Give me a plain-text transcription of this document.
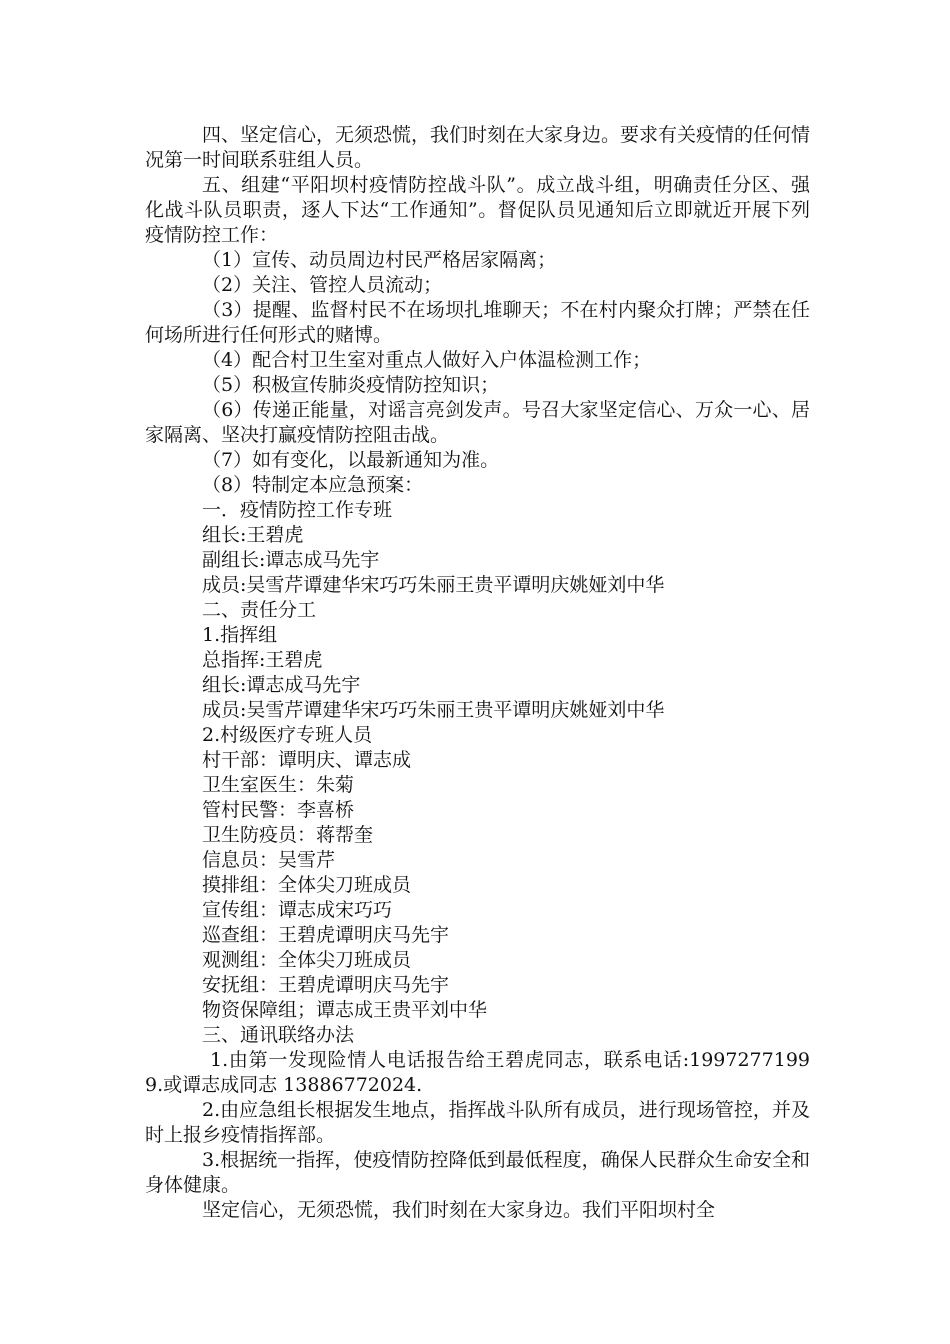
四、坚定信心，无须恐慌，我们时刻在大家身边。要求有关疫情的任何情况第一时间联系驻组人员。

五、组建“平阳坝村疫情防控战斗队”。成立战斗组，明确责任分区、强化战斗队员职责，逐人下达“工作通知”。督促队员见通知后立即就近开展下列疫情防控工作：

（1）宣传、动员周边村民严格居家隔离；

（2）关注、管控人员流动；

（3）提醒、监督村民不在场坝扎堆聊天；不在村内聚众打牌；严禁在任何场所进行任何形式的赌博。

（4）配合村卫生室对重点人做好入户体温检测工作；

（5）积极宣传肺炎疫情防控知识；

（6）传递正能量，对谣言亮剑发声。号召大家坚定信心、万众一心、居家隔离、坚决打赢疫情防控阻击战。

（7）如有变化，以最新通知为准。

（8）特制定本应急预案：

一．疫情防控工作专班

组长:王碧虎

副组长:谭志成马先宇

成员:吴雪芹谭建华宋巧巧朱丽王贵平谭明庆姚娅刘中华

二、责任分工

1.指挥组

总指挥:王碧虎

组长:谭志成马先宇

成员:吴雪芹谭建华宋巧巧朱丽王贵平谭明庆姚娅刘中华

2.村级医疗专班人员

村干部：谭明庆、谭志成

卫生室医生：朱菊

管村民警：李喜桥

卫生防疫员：蒋帮奎

信息员：吴雪芹

摸排组：全体尖刀班成员

宣传组：谭志成宋巧巧

巡查组：王碧虎谭明庆马先宇

观测组：全体尖刀班成员

安抚组：王碧虎谭明庆马先宇

物资保障组；谭志成王贵平刘中华

三、通讯联络办法

1.由第一发现险情人电话报告给王碧虎同志，联系电话:19972771999.或谭志成同志 13886772024.

2.由应急组长根据发生地点，指挥战斗队所有成员，进行现场管控，并及时上报乡疫情指挥部。

3.根据统一指挥，使疫情防控降低到最低程度，确保人民群众生命安全和身体健康。

坚定信心，无须恐慌，我们时刻在大家身边。我们平阳坝村全
